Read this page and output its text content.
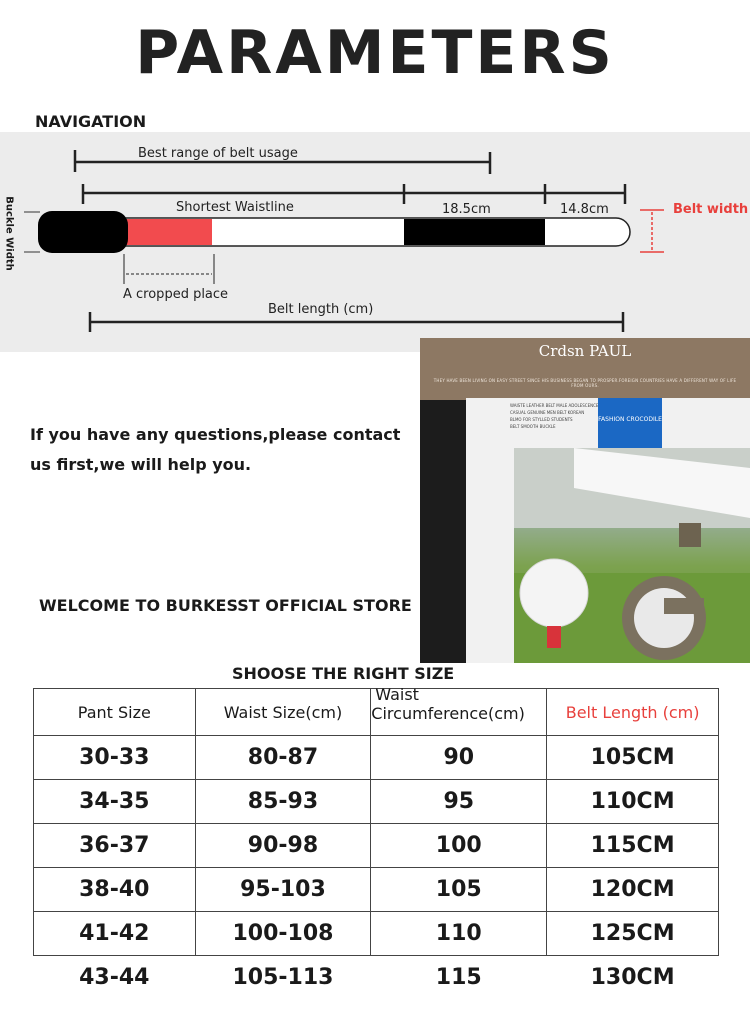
PARAMETERS
NAVIGATION
Best range of belt usage
Shortest Waistline	18.5cm	14.8cm	Belt width
A cropped place
Belt length (cm)
Buckle Width
If you have any questions,please contact
us first,we will help you.
WELCOME TO BURKESST OFFICIAL STORE
Crdsn PAUL
THEY HAVE BEEN LIVING ON EASY STREET SINCE HIS BUSINESS BEGAN TO PROSPER.FOREIGN COUNTRIES HAVE A DIFFERENT WAY OF LIFE FROM OURS.
WAISTE LEATHER BELT MALE ADOLESCENCE
CASUAL GENUINE MEN BELT KOREAN
BLMO FOR STYLLED STUDENTS
BELT SMOOTH BUCKLE
FASHION CROCODILE
SHOOSE THE RIGHT SIZE
Pant Size	Waist Size(cm)	Waist
Circumference(cm)	Belt Length (cm)
30-33	80-87	90	105CM
34-35	85-93	95	110CM
36-37	90-98	100	115CM
38-40	95-103	105	120CM
41-42	100-108	110	125CM
43-44	105-113	115	130CM
